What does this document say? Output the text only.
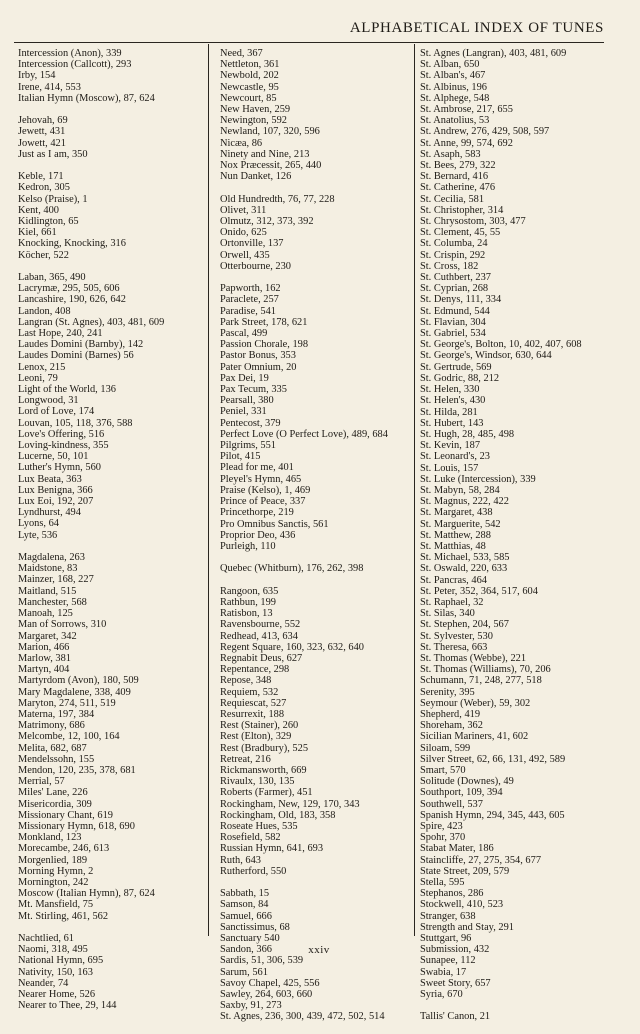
ALPHABETICAL INDEX OF TUNES
Intercession (Anon), 339
Intercession (Callcott), 293
Irby, 154
Irene, 414, 553
Italian Hymn (Moscow), 87, 624
Jehovah, 69
Jewett, 431
Jowett, 421
Just as I am, 350
Keble, 171
Kedron, 305
Kelso (Praise), 1
Kent, 400
Kidlington, 65
Kiel, 661
Knocking, Knocking, 316
Köcher, 522
Laban, 365, 490
Lacrymæ, 295, 505, 606
Lancashire, 190, 626, 642
Landon, 408
Langran (St. Agnes), 403, 481, 609
Last Hope, 240, 241
Laudes Domini (Barnby), 142
Laudes Domini (Barnes) 56
Lenox, 215
Leoni, 79
Light of the World, 136
Longwood, 31
Lord of Love, 174
Louvan, 105, 118, 376, 588
Love's Offering, 516
Loving-kindness, 355
Lucerne, 50, 101
Luther's Hymn, 560
Lux Beata, 363
Lux Benigna, 366
Lux Eoi, 192, 207
Lyndhurst, 494
Lyons, 64
Lyte, 536
Magdalena, 263
Maidstone, 83
Mainzer, 168, 227
Maitland, 515
Manchester, 568
Manoah, 125
Man of Sorrows, 310
Margaret, 342
Marion, 466
Marlow, 381
Martyn, 404
Martyrdom (Avon), 180, 509
Mary Magdalene, 338, 409
Maryton, 274, 511, 519
Materna, 197, 384
Matrimony, 686
Melcombe, 12, 100, 164
Melita, 682, 687
Mendelssohn, 155
Mendon, 120, 235, 378, 681
Merrial, 57
Miles' Lane, 226
Misericordia, 309
Missionary Chant, 619
Missionary Hymn, 618, 690
Monkland, 123
Morecambe, 246, 613
Morgenlied, 189
Morning Hymn, 2
Mornington, 242
Moscow (Italian Hymn), 87, 624
Mt. Mansfield, 75
Mt. Stirling, 461, 562
Nachtlied, 61
Naomi, 318, 495
National Hymn, 695
Nativity, 150, 163
Neander, 74
Nearer Home, 526
Nearer to Thee, 29, 144
Need, 367
Nettleton, 361
Newbold, 202
Newcastle, 95
Newcourt, 85
New Haven, 259
Newington, 592
Newland, 107, 320, 596
Nicæa, 86
Ninety and Nine, 213
Nox Præcessit, 265, 440
Nun Danket, 126
Old Hundredth, 76, 77, 228
Olivet, 311
Olmutz, 312, 373, 392
Onido, 625
Ortonville, 137
Orwell, 435
Otterbourne, 230
Papworth, 162
Paraclete, 257
Paradise, 541
Park Street, 178, 621
Pascal, 499
Passion Chorale, 198
Pastor Bonus, 353
Pater Omnium, 20
Pax Dei, 19
Pax Tecum, 335
Pearsall, 380
Peniel, 331
Pentecost, 379
Perfect Love (O Perfect Love), 489, 684
Pilgrims, 551
Pilot, 415
Plead for me, 401
Pleyel's Hymn, 465
Praise (Kelso), 1, 469
Prince of Peace, 337
Princethorpe, 219
Pro Omnibus Sanctis, 561
Proprior Deo, 436
Purleigh, 110
Quebec (Whitburn), 176, 262, 398
Rangoon, 635
Rathbun, 199
Ratisbon, 13
Ravensbourne, 552
Redhead, 413, 634
Regent Square, 160, 323, 632, 640
Regnabit Deus, 627
Repentance, 298
Repose, 348
Requiem, 532
Requiescat, 527
Resurrexit, 188
Rest (Stainer), 260
Rest (Elton), 329
Rest (Bradbury), 525
Retreat, 216
Rickmansworth, 669
Rivaulx, 130, 135
Roberts (Farmer), 451
Rockingham, New, 129, 170, 343
Rockingham, Old, 183, 358
Roseate Hues, 535
Rosefield, 582
Russian Hymn, 641, 693
Ruth, 643
Rutherford, 550
Sabbath, 15
Samson, 84
Samuel, 666
Sanctissimus, 68
Sanctuary 540
Sandon, 366
Sardis, 51, 306, 539
Sarum, 561
Savoy Chapel, 425, 556
Sawley, 264, 603, 660
Saxby, 91, 273
St. Agnes, 236, 300, 439, 472, 502, 514
St. Agnes (Langran), 403, 481, 609
St. Alban, 650
St. Alban's, 467
St. Albinus, 196
St. Alphege, 548
St. Ambrose, 217, 655
St. Anatolius, 53
St. Andrew, 276, 429, 508, 597
St. Anne, 99, 574, 692
St. Asaph, 583
St. Bees, 279, 322
St. Bernard, 416
St. Catherine, 476
St. Cecilia, 581
St. Christopher, 314
St. Chrysostom, 303, 477
St. Clement, 45, 55
St. Columba, 24
St. Crispin, 292
St. Cross, 182
St. Cuthbert, 237
St. Cyprian, 268
St. Denys, 111, 334
St. Edmund, 544
St. Flavian, 304
St. Gabriel, 534
St. George's, Bolton, 10, 402, 407, 608
St. George's, Windsor, 630, 644
St. Gertrude, 569
St. Godric, 88, 212
St. Helen, 330
St. Helen's, 430
St. Hilda, 281
St. Hubert, 143
St. Hugh, 28, 485, 498
St. Kevin, 187
St. Leonard's, 23
St. Louis, 157
St. Luke (Intercession), 339
St. Mabyn, 58, 284
St. Magnus, 222, 422
St. Margaret, 438
St. Marguerite, 542
St. Matthew, 288
St. Matthias, 48
St. Michael, 533, 585
St. Oswald, 220, 633
St. Pancras, 464
St. Peter, 352, 364, 517, 604
St. Raphael, 32
St. Silas, 340
St. Stephen, 204, 567
St. Sylvester, 530
St. Theresa, 663
St. Thomas (Webbe), 221
St. Thomas (Williams), 70, 206
Schumann, 71, 248, 277, 518
Serenity, 395
Seymour (Weber), 59, 302
Shepherd, 419
Shoreham, 362
Sicilian Mariners, 41, 602
Siloam, 599
Silver Street, 62, 66, 131, 492, 589
Smart, 570
Solitude (Downes), 49
Southport, 109, 394
Southwell, 537
Spanish Hymn, 294, 345, 443, 605
Spire, 423
Spohr, 370
Stabat Mater, 186
Staincliffe, 27, 275, 354, 677
State Street, 209, 579
Stella, 595
Stephanos, 286
Stockwell, 410, 523
Stranger, 638
Strength and Stay, 291
Stuttgart, 96
Submission, 432
Sunapee, 112
Swabia, 17
Sweet Story, 657
Syria, 670
Tallis' Canon, 21
xxiv
